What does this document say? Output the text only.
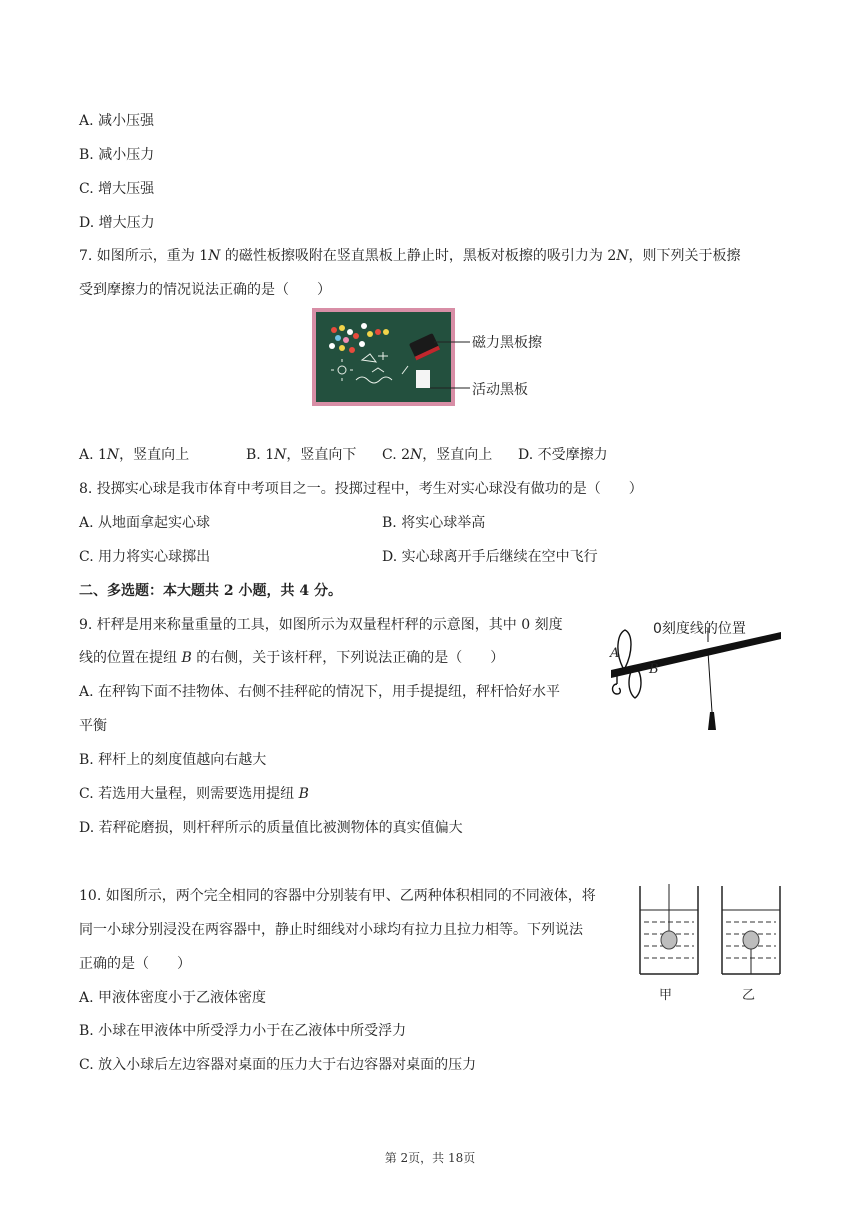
A. 减小压强
B. 减小压力
C. 增大压强
D. 增大压力
7. 如图所示，重为 1N 的磁性板擦吸附在竖直黑板上静止时，黑板对板擦的吸引力为 2N，则下列关于板擦
受到摩擦力的情况说法正确的是（　　）
磁力黑板擦
活动黑板
A. 1N，竖直向上	B. 1N，竖直向下 C. 2N，竖直向上 D. 不受摩擦力
8. 投掷实心球是我市体育中考项目之一。投掷过程中，考生对实心球没有做功的是（　　）
A. 从地面拿起实心球	B. 将实心球举高
C. 用力将实心球掷出	D. 实心球离开手后继续在空中飞行
二、多选题：本大题共 2 小题，共 4 分。
9. 杆秤是用来称量重量的工具，如图所示为双量程杆秤的示意图，其中 0 刻度
线的位置在提纽 B 的右侧，关于该杆秤，下列说法正确的是（　　）
A. 在秤钩下面不挂物体、右侧不挂秤砣的情况下，用手提提纽，秤杆恰好水平
平衡
B. 秤杆上的刻度值越向右越大
C. 若选用大量程，则需要选用提纽 B
D. 若秤砣磨损，则杆秤所示的质量值比被测物体的真实值偏大
0刻度线的位置
A
B
10. 如图所示，两个完全相同的容器中分别装有甲、乙两种体积相同的不同液体，将
同一小球分别浸没在两容器中，静止时细线对小球均有拉力且拉力相等。下列说法
正确的是（　　）
A. 甲液体密度小于乙液体密度
B. 小球在甲液体中所受浮力小于在乙液体中所受浮力
C. 放入小球后左边容器对桌面的压力大于右边容器对桌面的压力
甲	乙
第 2页，共 18页
